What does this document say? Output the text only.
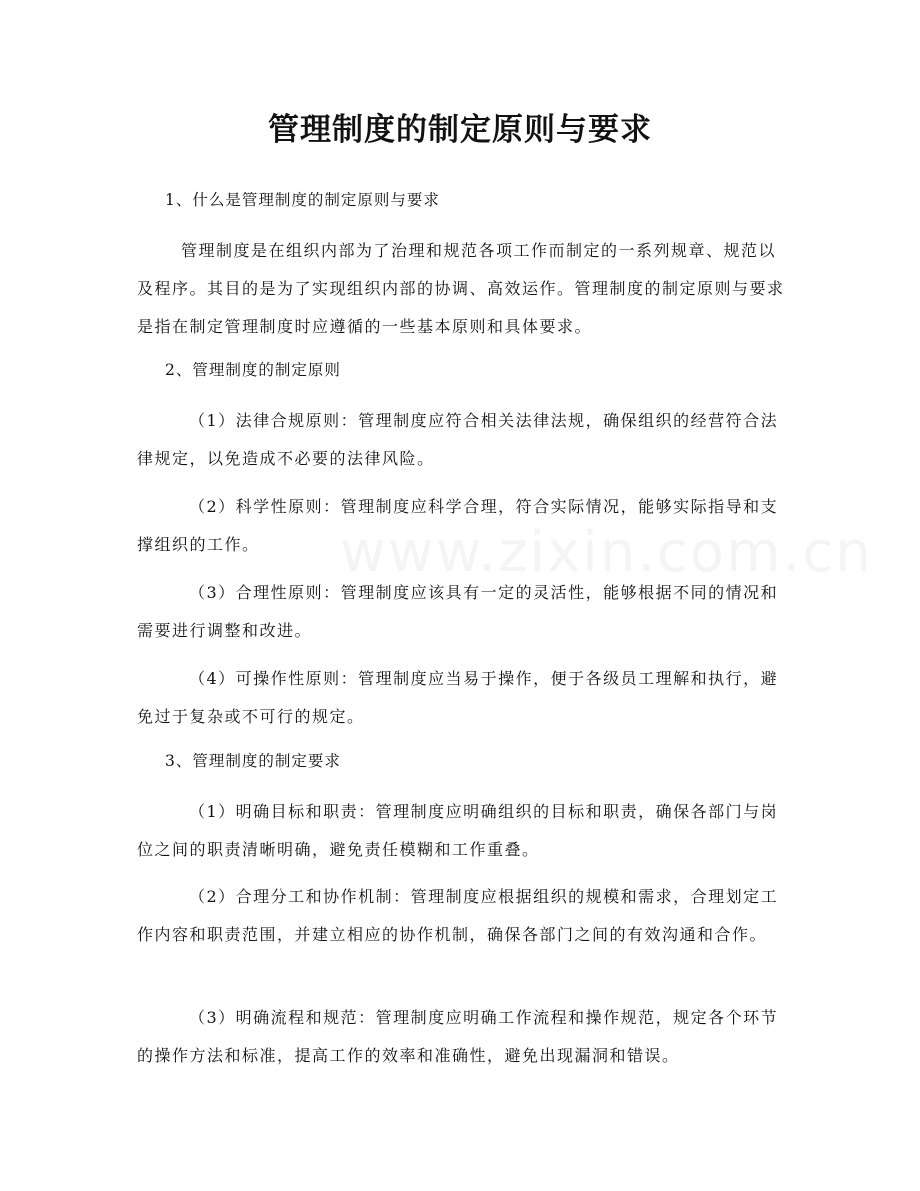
管理制度的制定原则与要求

1、什么是管理制度的制定原则与要求

管理制度是在组织内部为了治理和规范各项工作而制定的一系列规章、规范以及程序。其目的是为了实现组织内部的协调、高效运作。管理制度的制定原则与要求是指在制定管理制度时应遵循的一些基本原则和具体要求。

2、管理制度的制定原则

（1）法律合规原则：管理制度应符合相关法律法规，确保组织的经营符合法律规定，以免造成不必要的法律风险。

（2）科学性原则：管理制度应科学合理，符合实际情况，能够实际指导和支撑组织的工作。

（3）合理性原则：管理制度应该具有一定的灵活性，能够根据不同的情况和需要进行调整和改进。

（4）可操作性原则：管理制度应当易于操作，便于各级员工理解和执行，避免过于复杂或不可行的规定。

3、管理制度的制定要求

（1）明确目标和职责：管理制度应明确组织的目标和职责，确保各部门与岗位之间的职责清晰明确，避免责任模糊和工作重叠。

（2）合理分工和协作机制：管理制度应根据组织的规模和需求，合理划定工作内容和职责范围，并建立相应的协作机制，确保各部门之间的有效沟通和合作。

（3）明确流程和规范：管理制度应明确工作流程和操作规范，规定各个环节的操作方法和标准，提高工作的效率和准确性，避免出现漏洞和错误。
